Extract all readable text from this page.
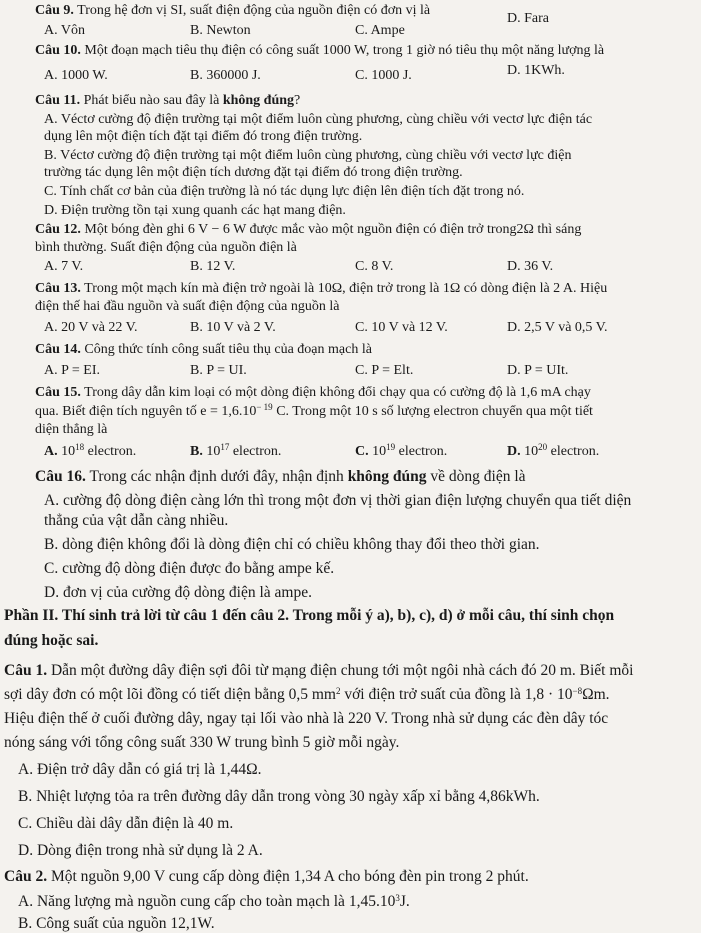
Câu 9. Trong hệ đơn vị SI, suất điện động của nguồn điện có đơn vị là
A. Vôn	B. Newton	C. Ampe
D. Fara
Câu 10. Một đoạn mạch tiêu thụ điện có công suất 1000 W, trong 1 giờ nó tiêu thụ một năng lượng là
A. 1000 W.	B. 360000 J.	C. 1000 J.	D. 1KWh.
Câu 11. Phát biểu nào sau đây là không đúng?
A. Véctơ cường độ điện trường tại một điểm luôn cùng phương, cùng chiều với vectơ lực điện tác
dụng lên một điện tích đặt tại điểm đó trong điện trường.
B. Véctơ cường độ điện trường tại một điểm luôn cùng phương, cùng chiều với vectơ lực điện
trường tác dụng lên một điện tích dương đặt tại điểm đó trong điện trường.
C. Tính chất cơ bản của điện trường là nó tác dụng lực điện lên điện tích đặt trong nó.
D. Điện trường tồn tại xung quanh các hạt mang điện.
Câu 12. Một bóng đèn ghi 6 V − 6 W được mắc vào một nguồn điện có điện trở trong2Ω thì sáng
bình thường. Suất điện động của nguồn điện là
A. 7 V.	B. 12 V.	C. 8 V.	D. 36 V.
Câu 13. Trong một mạch kín mà điện trở ngoài là 10Ω, điện trở trong là 1Ω có dòng điện là 2 A. Hiệu
điện thế hai đầu nguồn và suất điện động của nguồn là
A. 20 V và 22 V.	B. 10 V và 2 V.	C. 10 V và 12 V.	D. 2,5 V và 0,5 V.
Câu 14. Công thức tính công suất tiêu thụ của đoạn mạch là
A. P = EI.	B. P = UI.	C. P = Elt.	D. P = UIt.
Câu 15. Trong dây dẫn kim loại có một dòng điện không đổi chạy qua có cường độ là 1,6 mA chạy
qua. Biết điện tích nguyên tố $e = 1,6.10^{- 19}$ C. Trong một 10 s số lượng electron chuyển qua một tiết
diện thẳng là
A. $10^{18}$ electron.	B. $10^{17}$ electron.	C. $10^{19}$ electron.	D. $10^{20}$ electron.
Câu 16. Trong các nhận định dưới đây, nhận định không đúng về dòng điện là
A. cường độ dòng điện càng lớn thì trong một đơn vị thời gian điện lượng chuyển qua tiết diện
thẳng của vật dẫn càng nhiều.
B. dòng điện không đổi là dòng điện chỉ có chiều không thay đổi theo thời gian.
C. cường độ dòng điện được đo bằng ampe kế.
D. đơn vị của cường độ dòng điện là ampe.
Phần II. Thí sinh trả lời từ câu 1 đến câu 2. Trong mỗi ý a), b), c), d) ở mỗi câu, thí sinh chọn
đúng hoặc sai.
Câu 1. Dẫn một đường dây điện sợi đôi từ mạng điện chung tới một ngôi nhà cách đó 20 m. Biết mỗi
sợi dây đơn có một lõi đồng có tiết diện bằng 0,5 $mm^2$ với điện trở suất của đồng là $1,8 \cdot 10^{-8}\Omega m$.
Hiệu điện thế ở cuối đường dây, ngay tại lối vào nhà là 220 V. Trong nhà sử dụng các đèn dây tóc
nóng sáng với tổng công suất 330 W trung bình 5 giờ mỗi ngày.
A. Điện trở dây dẫn có giá trị là 1,44Ω.
B. Nhiệt lượng tỏa ra trên đường dây dẫn trong vòng 30 ngày xấp xỉ bằng 4,86kWh.
C. Chiều dài dây dẫn điện là 40 m.
D. Dòng điện trong nhà sử dụng là 2 A.
Câu 2. Một nguồn 9,00 V cung cấp dòng điện 1,34 A cho bóng đèn pin trong 2 phút.
A. Năng lượng mà nguồn cung cấp cho toàn mạch là 1,45.10$^3$J.
B. Công suất của nguồn 12,1W.
